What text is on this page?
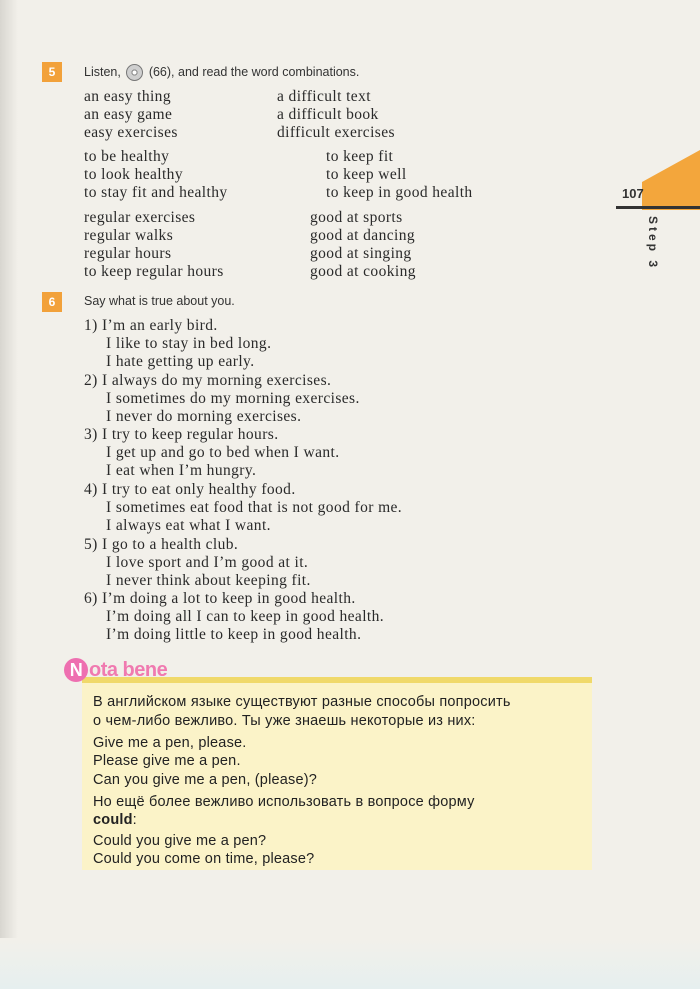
107
Step 3
5	Listen, (66), and read the word combinations.
an easy thing
an easy game
easy exercises
to be healthy
to look healthy
to stay fit and healthy
regular exercises
regular walks
regular hours
to keep regular hours
a difficult text
a difficult book
difficult exercises
to keep fit
to keep well
to keep in good health
good at sports
good at dancing
good at singing
good at cooking
6	Say what is true about you.
1) I’m an early bird.
I like to stay in bed long.
I hate getting up early.
2) I always do my morning exercises.
I sometimes do my morning exercises.
I never do morning exercises.
3) I try to keep regular hours.
I get up and go to bed when I want.
I eat when I’m hungry.
4) I try to eat only healthy food.
I sometimes eat food that is not good for me.
I always eat what I want.
5) I go to a health club.
I love sport and I’m good at it.
I never think about keeping fit.
6) I’m doing a lot to keep in good health.
I’m doing all I can to keep in good health.
I’m doing little to keep in good health.
N ota bene
В английском языке существуют разные способы попросить
о чем-либо вежливо. Ты уже знаешь некоторые из них:
Give me a pen, please.
Please give me a pen.
Can you give me a pen, (please)?
Но ещё более вежливо использовать в вопросе форму
could:
Could you give me a pen?
Could you come on time, please?
